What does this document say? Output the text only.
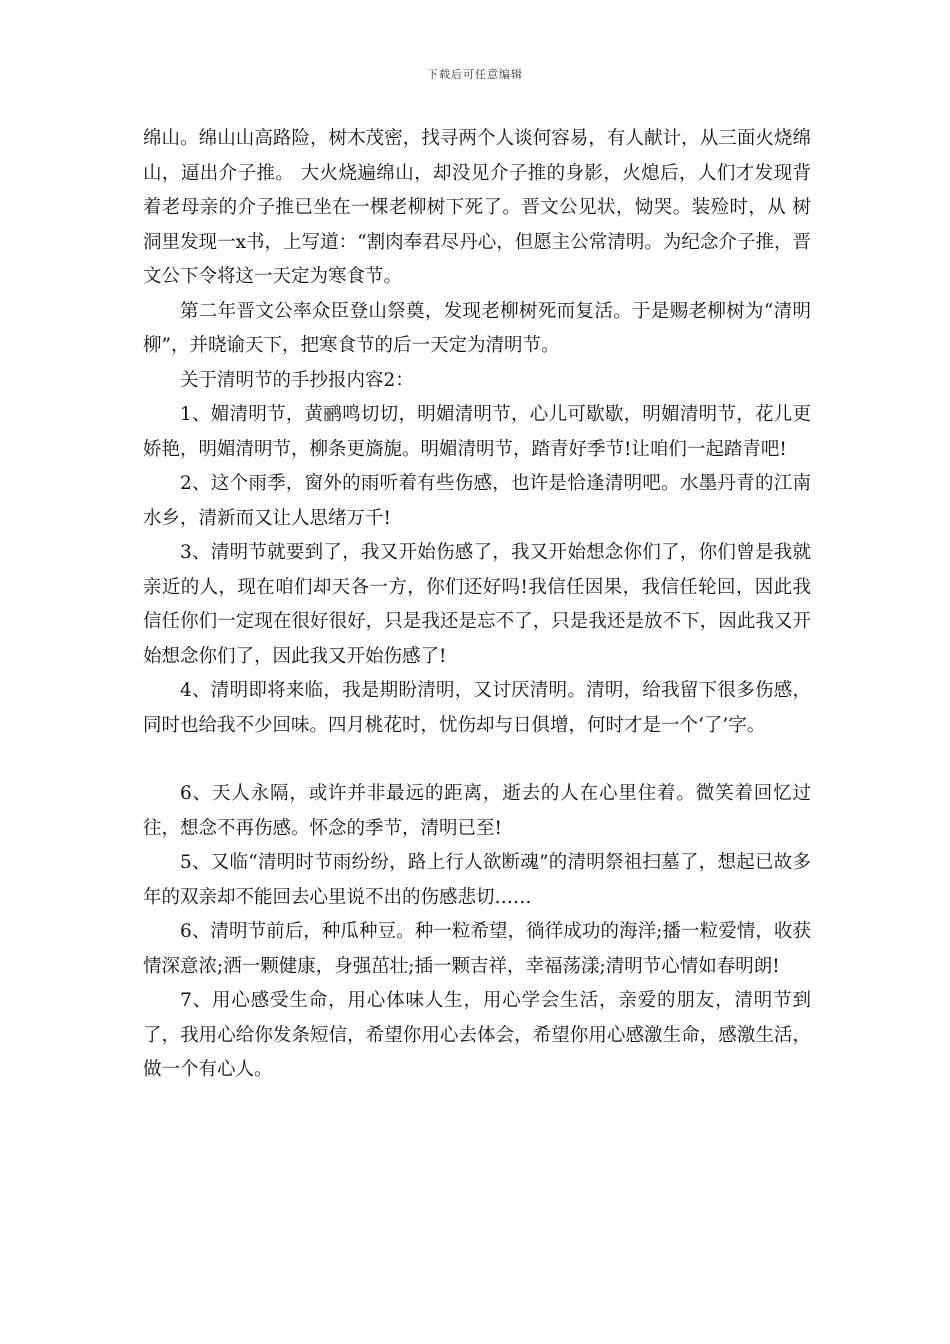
下载后可任意编辑

绵山。绵山山高路险，树木茂密，找寻两个人谈何容易，有人献计，从三面火烧绵山，逼出介子推。 大火烧遍绵山，却没见介子推的身影，火熄后，人们才发现背着老母亲的介子推已坐在一棵老柳树下死了。晋文公见状，恸哭。装殓时，从 树洞里发现一x书，上写道：“割肉奉君尽丹心，但愿主公常清明。为纪念介子推，晋文公下令将这一天定为寒食节。

第二年晋文公率众臣登山祭奠，发现老柳树死而复活。于是赐老柳树为“清明柳”，并晓谕天下，把寒食节的后一天定为清明节。

关于清明节的手抄报内容2：

1、媚清明节，黄鹂鸣切切，明媚清明节，心儿可歇歇，明媚清明节，花儿更娇艳，明媚清明节，柳条更旖旎。明媚清明节，踏青好季节!让咱们一起踏青吧!

2、这个雨季，窗外的雨听着有些伤感，也许是恰逢清明吧。水墨丹青的江南水乡，清新而又让人思绪万千!

3、清明节就要到了，我又开始伤感了，我又开始想念你们了，你们曾是我就亲近的人，现在咱们却天各一方，你们还好吗!我信任因果，我信任轮回，因此我信任你们一定现在很好很好，只是我还是忘不了，只是我还是放不下，因此我又开始想念你们了，因此我又开始伤感了!

4、清明即将来临，我是期盼清明，又讨厌清明。清明，给我留下很多伤感，同时也给我不少回味。四月桃花时，忧伤却与日俱增，何时才是一个‘了’字。

6、天人永隔，或许并非最远的距离，逝去的人在心里住着。微笑着回忆过往，想念不再伤感。怀念的季节，清明已至!

5、又临“清明时节雨纷纷，路上行人欲断魂”的清明祭祖扫墓了，想起已故多年的双亲却不能回去心里说不出的伤感悲切……

6、清明节前后，种瓜种豆。种一粒希望，徜徉成功的海洋;播一粒爱情，收获情深意浓;洒一颗健康，身强茁壮;插一颗吉祥，幸福荡漾;清明节心情如春明朗!

7、用心感受生命，用心体味人生，用心学会生活，亲爱的朋友，清明节到了，我用心给你发条短信，希望你用心去体会，希望你用心感激生命，感激生活，做一个有心人。
